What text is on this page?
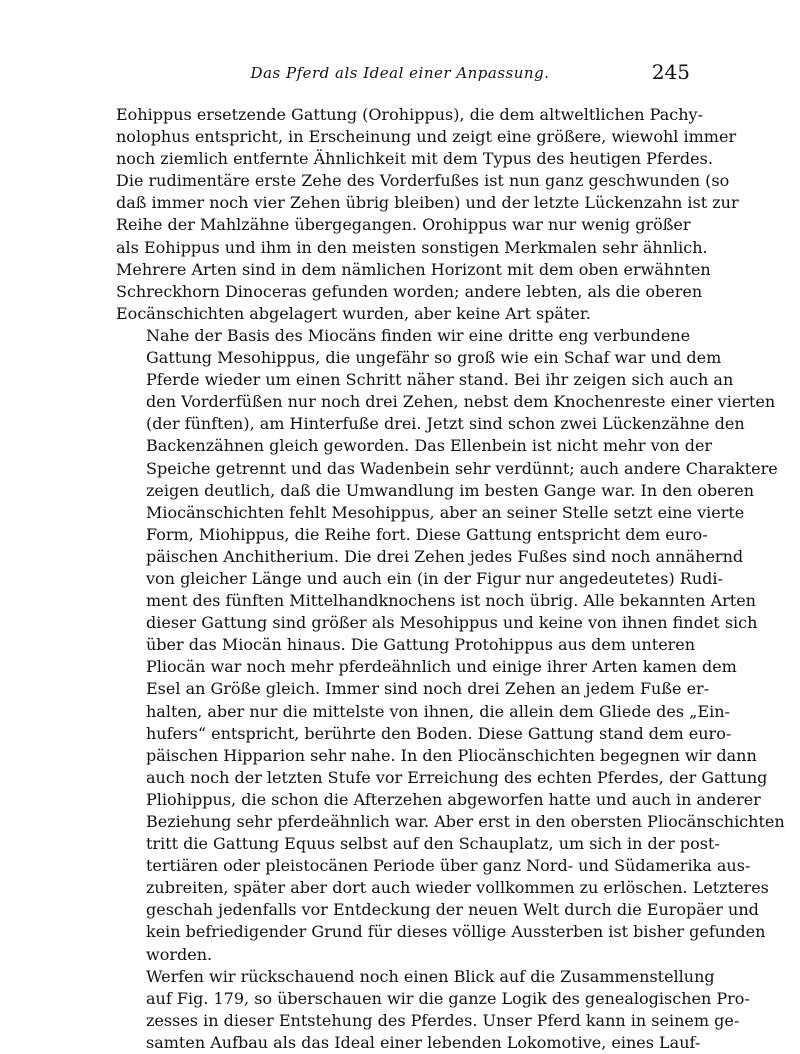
Das Pferd als Ideal einer Anpassung.	245

Eohippus ersetzende Gattung (Orohippus), die dem altweltlichen Pachy-
nolophus entspricht, in Erscheinung und zeigt eine größere, wiewohl immer
noch ziemlich entfernte Ähnlichkeit mit dem Typus des heutigen Pferdes.
Die rudimentäre erste Zehe des Vorderfußes ist nun ganz geschwunden (so
daß immer noch vier Zehen übrig bleiben) und der letzte Lückenzahn ist zur
Reihe der Mahlzähne übergegangen. Orohippus war nur wenig größer
als Eohippus und ihm in den meisten sonstigen Merkmalen sehr ähnlich.
Mehrere Arten sind in dem nämlichen Horizont mit dem oben erwähnten
Schreckhorn Dinoceras gefunden worden; andere lebten, als die oberen
Eocänschichten abgelagert wurden, aber keine Art später.

Nahe der Basis des Miocäns finden wir eine dritte eng verbundene
Gattung Mesohippus, die ungefähr so groß wie ein Schaf war und dem
Pferde wieder um einen Schritt näher stand. Bei ihr zeigen sich auch an
den Vorderfüßen nur noch drei Zehen, nebst dem Knochenreste einer vierten
(der fünften), am Hinterfuße drei. Jetzt sind schon zwei Lückenzähne den
Backenzähnen gleich geworden. Das Ellenbein ist nicht mehr von der
Speiche getrennt und das Wadenbein sehr verdünnt; auch andere Charaktere
zeigen deutlich, daß die Umwandlung im besten Gange war. In den oberen
Miocänschichten fehlt Mesohippus, aber an seiner Stelle setzt eine vierte
Form, Miohippus, die Reihe fort. Diese Gattung entspricht dem euro-
päischen Anchitherium. Die drei Zehen jedes Fußes sind noch annähernd
von gleicher Länge und auch ein (in der Figur nur angedeutetes) Rudi-
ment des fünften Mittelhandknochens ist noch übrig. Alle bekannten Arten
dieser Gattung sind größer als Mesohippus und keine von ihnen findet sich
über das Miocän hinaus. Die Gattung Protohippus aus dem unteren
Pliocän war noch mehr pferdeähnlich und einige ihrer Arten kamen dem
Esel an Größe gleich. Immer sind noch drei Zehen an jedem Fuße er-
halten, aber nur die mittelste von ihnen, die allein dem Gliede des „Ein-
hufers“ entspricht, berührte den Boden. Diese Gattung stand dem euro-
päischen Hipparion sehr nahe. In den Pliocänschichten begegnen wir dann
auch noch der letzten Stufe vor Erreichung des echten Pferdes, der Gattung
Pliohippus, die schon die Afterzehen abgeworfen hatte und auch in anderer
Beziehung sehr pferdeähnlich war. Aber erst in den obersten Pliocänschichten
tritt die Gattung Equus selbst auf den Schauplatz, um sich in der post-
tertiären oder pleistocänen Periode über ganz Nord- und Südamerika aus-
zubreiten, später aber dort auch wieder vollkommen zu erlöschen. Letzteres
geschah jedenfalls vor Entdeckung der neuen Welt durch die Europäer und
kein befriedigender Grund für dieses völlige Aussterben ist bisher gefunden
worden.

Werfen wir rückschauend noch einen Blick auf die Zusammenstellung
auf Fig. 179, so überschauen wir die ganze Logik des genealogischen Pro-
zesses in dieser Entstehung des Pferdes. Unser Pferd kann in seinem ge-
samten Aufbau als das Ideal einer lebenden Lokomotive, eines Lauf-
